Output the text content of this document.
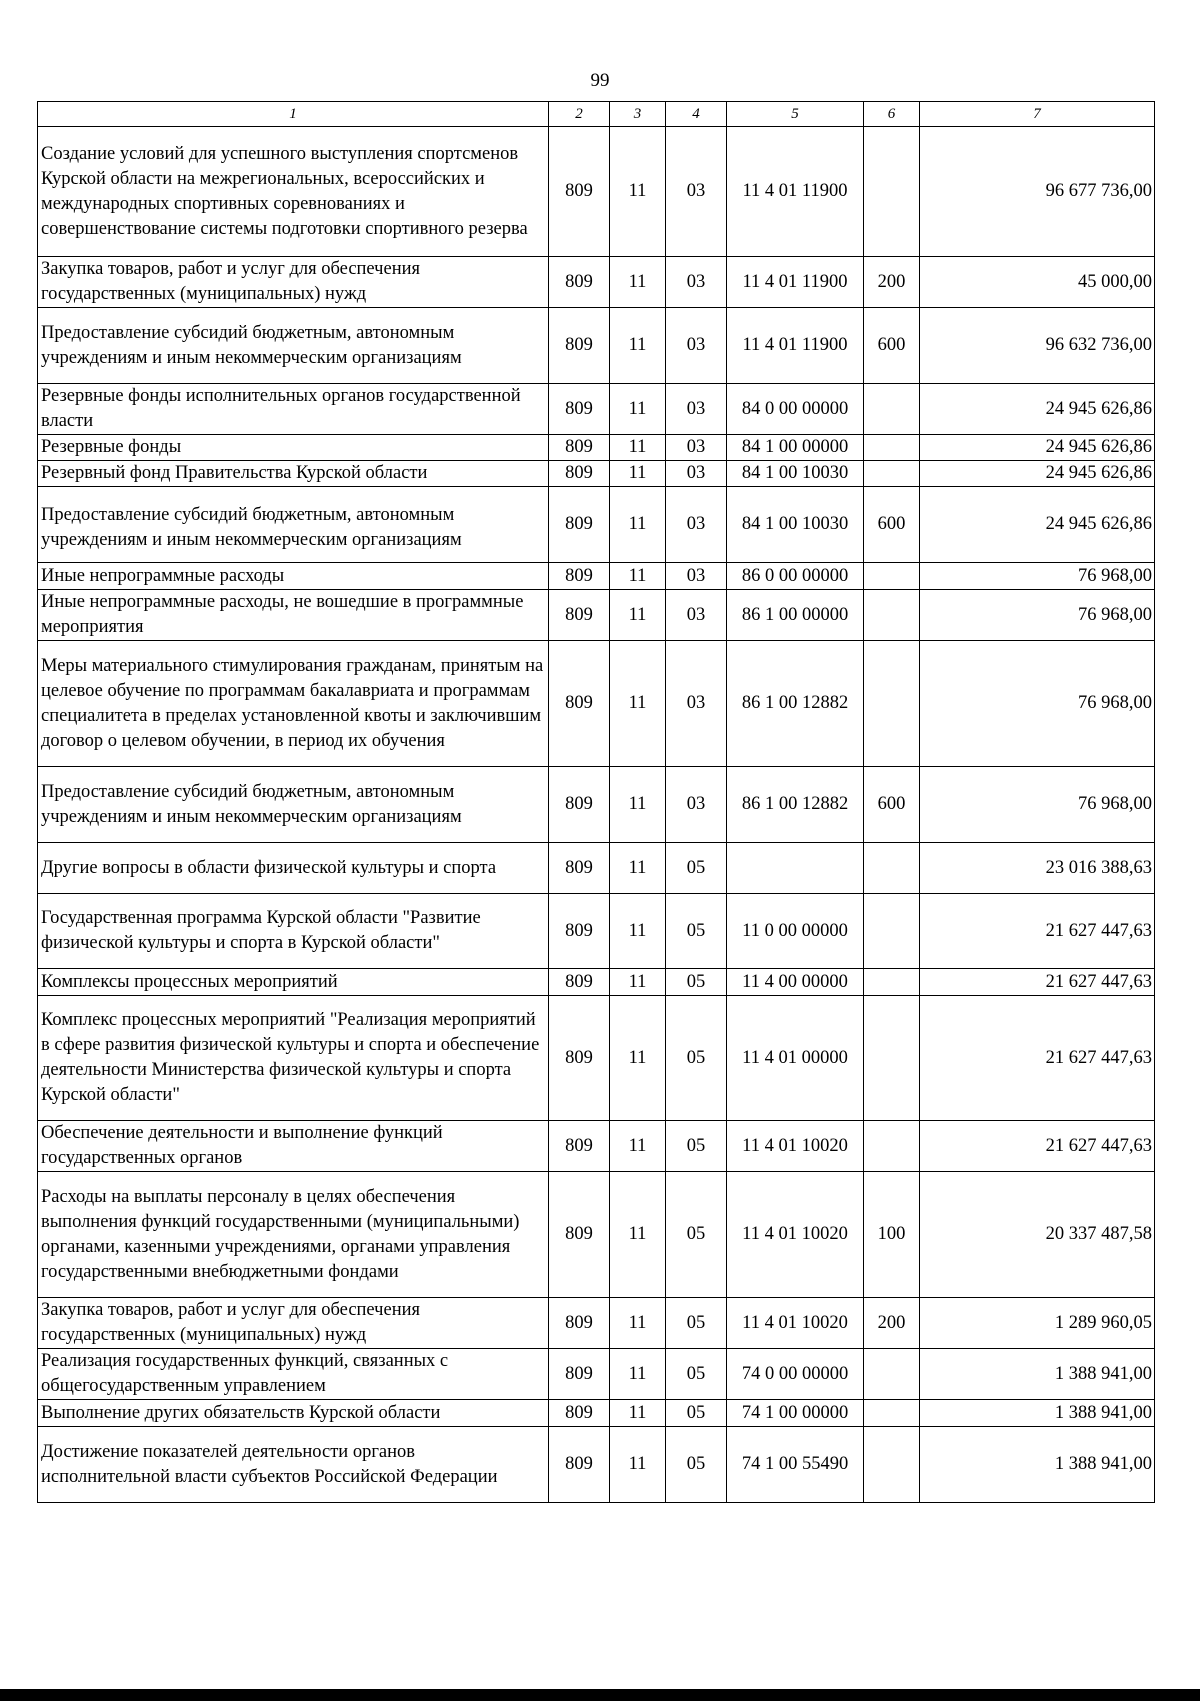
99
1	2	3	4	5	6	7
Создание условий для успешного выступления спортсменов Курской области на межрегиональных, всероссийских и международных спортивных соревнованиях и совершенствование системы подготовки спортивного резерва	809	11	03	11 4 01 11900		96 677 736,00
Закупка товаров, работ и услуг для обеспечения государственных (муниципальных) нужд	809	11	03	11 4 01 11900	200	45 000,00
Предоставление субсидий бюджетным, автономным учреждениям и иным некоммерческим организациям	809	11	03	11 4 01 11900	600	96 632 736,00
Резервные фонды исполнительных органов государственной власти	809	11	03	84 0 00 00000		24 945 626,86
Резервные фонды	809	11	03	84 1 00 00000		24 945 626,86
Резервный фонд Правительства Курской области	809	11	03	84 1 00 10030		24 945 626,86
Предоставление субсидий бюджетным, автономным учреждениям и иным некоммерческим организациям	809	11	03	84 1 00 10030	600	24 945 626,86
Иные непрограммные расходы	809	11	03	86 0 00 00000		76 968,00
Иные непрограммные расходы, не вошедшие в программные мероприятия	809	11	03	86 1 00 00000		76 968,00
Меры материального стимулирования гражданам, принятым на целевое обучение по программам бакалавриата и программам специалитета в пределах установленной квоты и заключившим договор о целевом обучении, в период их обучения	809	11	03	86 1 00 12882		76 968,00
Предоставление субсидий бюджетным, автономным учреждениям и иным некоммерческим организациям	809	11	03	86 1 00 12882	600	76 968,00
Другие вопросы в области физической культуры и спорта	809	11	05			23 016 388,63
Государственная программа Курской области "Развитие физической культуры и спорта в Курской области"	809	11	05	11 0 00 00000		21 627 447,63
Комплексы процессных мероприятий	809	11	05	11 4 00 00000		21 627 447,63
Комплекс процессных мероприятий "Реализация мероприятий в сфере развития физической культуры и спорта и обеспечение деятельности Министерства физической культуры и спорта Курской области"	809	11	05	11 4 01 00000		21 627 447,63
Обеспечение деятельности и выполнение функций государственных органов	809	11	05	11 4 01 10020		21 627 447,63
Расходы на выплаты персоналу в целях обеспечения выполнения функций государственными (муниципальными) органами, казенными учреждениями, органами управления государственными внебюджетными фондами	809	11	05	11 4 01 10020	100	20 337 487,58
Закупка товаров, работ и услуг для обеспечения государственных (муниципальных) нужд	809	11	05	11 4 01 10020	200	1 289 960,05
Реализация государственных функций, связанных с общегосударственным управлением	809	11	05	74 0 00 00000		1 388 941,00
Выполнение других обязательств Курской области	809	11	05	74 1 00 00000		1 388 941,00
Достижение показателей деятельности органов исполнительной власти субъектов Российской Федерации	809	11	05	74 1 00 55490		1 388 941,00
